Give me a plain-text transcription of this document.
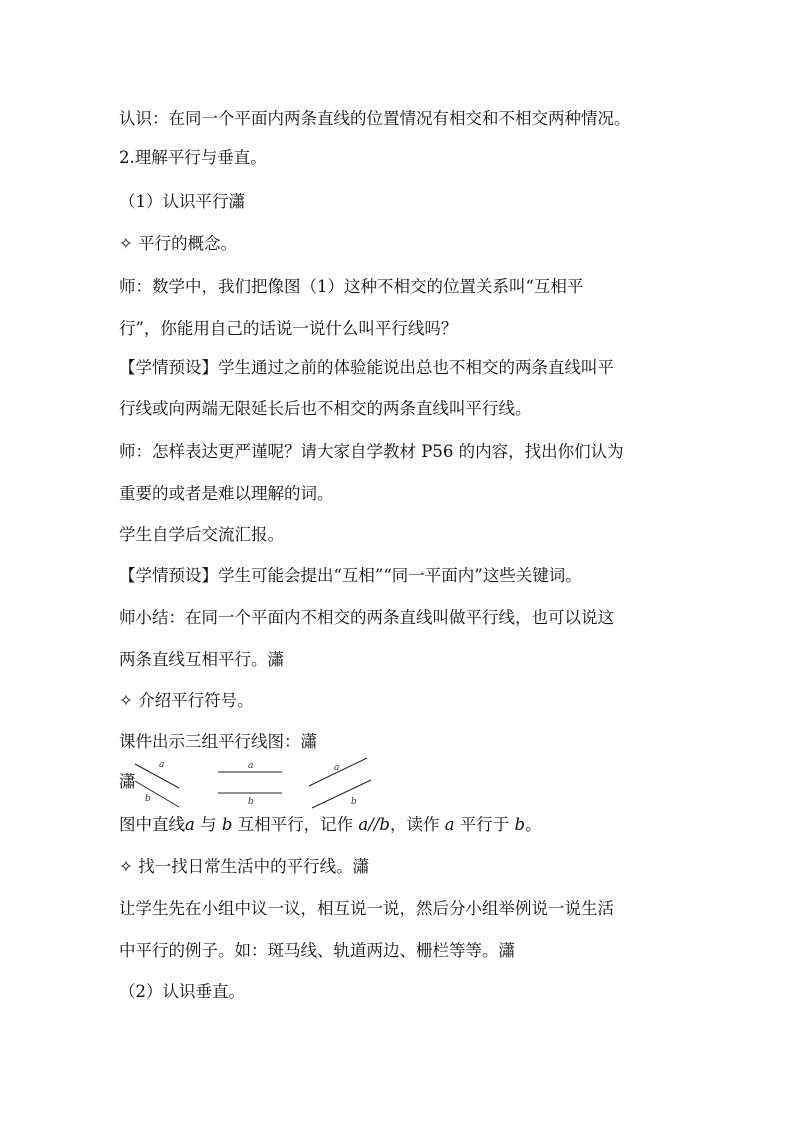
认识：在同一个平面内两条直线的位置情况有相交和不相交两种情况。
2.理解平行与垂直。
（1）认识平行瀟
✧ 平行的概念。
师：数学中，我们把像图（1）这种不相交的位置关系叫“互相平
行”，你能用自己的话说一说什么叫平行线吗？
【学情预设】学生通过之前的体验能说出总也不相交的两条直线叫平
行线或向两端无限延长后也不相交的两条直线叫平行线。
师：怎样表达更严谨呢？请大家自学教材 P56 的内容，找出你们认为
重要的或者是难以理解的词。
学生自学后交流汇报。
【学情预设】学生可能会提出“互相”“同一平面内”这些关键词。
师小结：在同一个平面内不相交的两条直线叫做平行线，也可以说这
两条直线互相平行。瀟
✧ 介绍平行符号。
课件出示三组平行线图：瀟
瀟
a
b
a
b
a
b
图中直线a 与 b 互相平行，记作 a//b，读作 a 平行于 b。
✧ 找一找日常生活中的平行线。瀟
让学生先在小组中议一议，相互说一说，然后分小组举例说一说生活
中平行的例子。如：斑马线、轨道两边、栅栏等等。瀟
（2）认识垂直。
